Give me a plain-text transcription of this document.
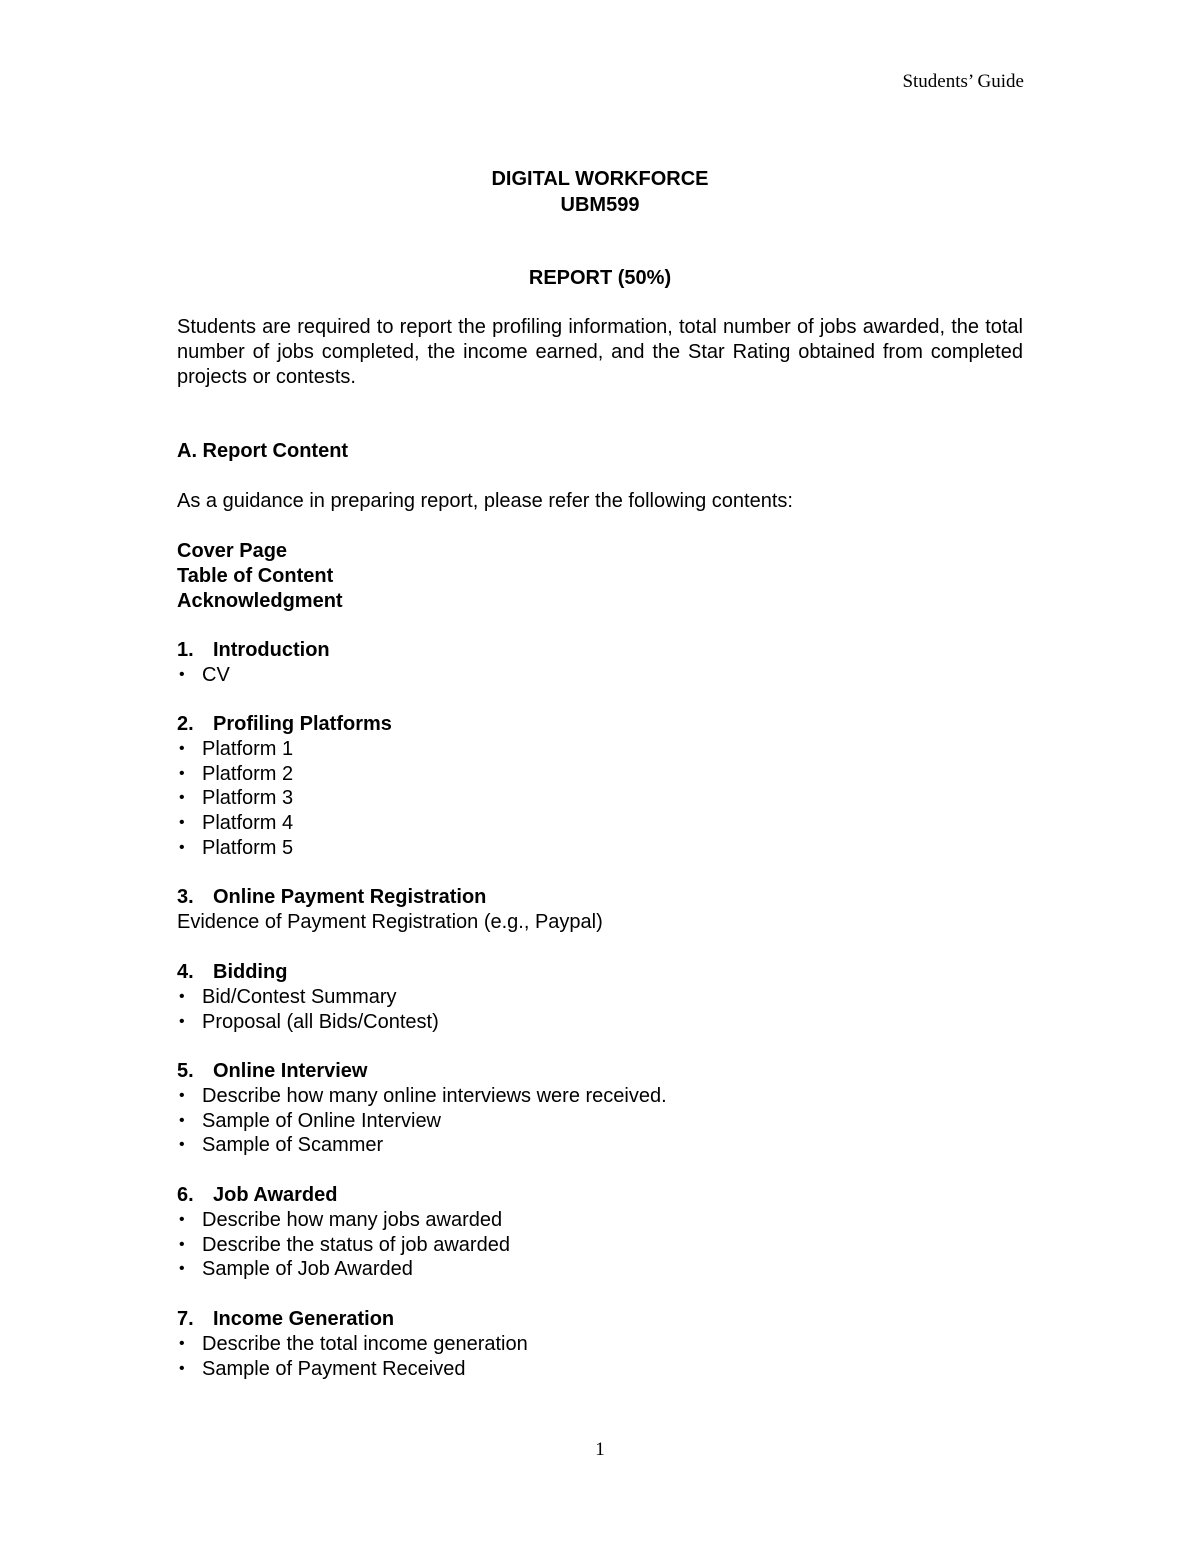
Students’ Guide
DIGITAL WORKFORCE
UBM599
REPORT (50%)
Students are required to report the profiling information, total number of jobs awarded, the total number of jobs completed, the income earned, and the Star Rating obtained from completed projects or contests.
A. Report Content
As a guidance in preparing report, please refer the following contents:
Cover Page
Table of Content
Acknowledgment
1. Introduction
• CV
2. Profiling Platforms
• Platform 1
• Platform 2
• Platform 3
• Platform 4
• Platform 5
3. Online Payment Registration
Evidence of Payment Registration (e.g., Paypal)
4. Bidding
• Bid/Contest Summary
• Proposal (all Bids/Contest)
5. Online Interview
• Describe how many online interviews were received.
• Sample of Online Interview
• Sample of Scammer
6. Job Awarded
• Describe how many jobs awarded
• Describe the status of job awarded
• Sample of Job Awarded
7. Income Generation
• Describe the total income generation
• Sample of Payment Received
1
